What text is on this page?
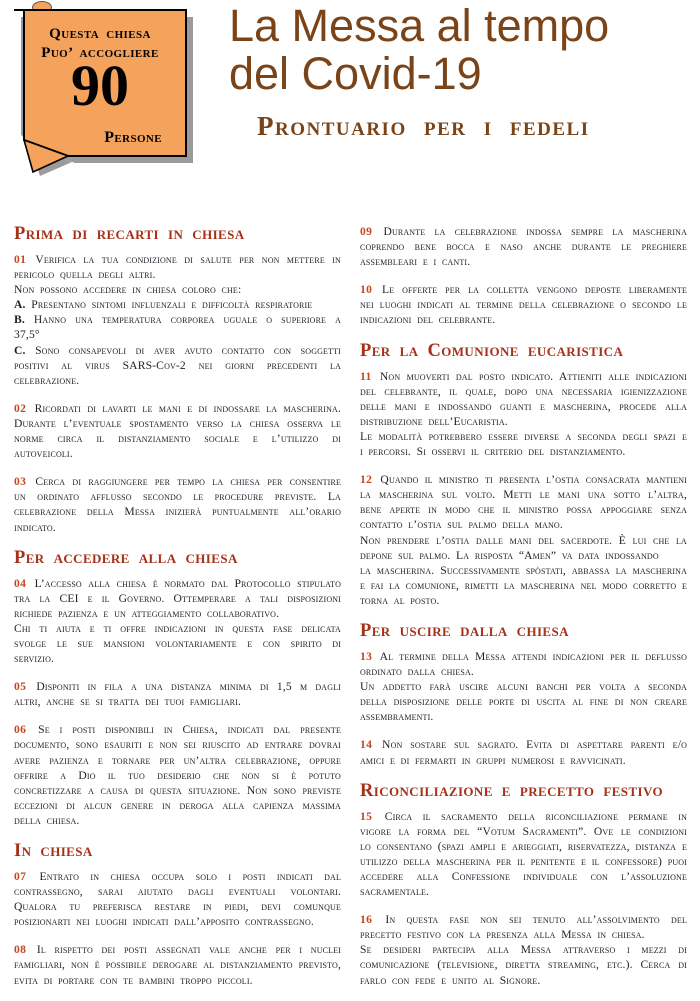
Questa chiesa
Puo’ accogliere
90
Persone
La Messa al tempo
del Covid-19
Prontuario per i fedeli
Prima di recarti in chiesa
01 Verifica la tua condizione di salute per non mettere in pericolo quella degli altri.
Non possono accedere in chiesa coloro che:
A. Presentano sintomi influenzali e difficoltà respiratorie
B. Hanno una temperatura corporea uguale o superiore a 37,5°
C. Sono consapevoli di aver avuto contatto con soggetti positivi al virus SARS-Cov-2 nei giorni precedenti la celebrazione.
02 Ricordati di lavarti le mani e di indossare la mascherina. Durante l’eventuale spostamento verso la chiesa osserva le norme circa il distanziamento sociale e l’utilizzo di autoveicoli.
03 Cerca di raggiungere per tempo la chiesa per consentire un ordinato afflusso secondo le procedure previste. La celebrazione della Messa inizierà puntualmente all’orario indicato.
Per accedere alla chiesa
04 L’accesso alla chiesa è normato dal Protocollo stipulato tra la CEI e il Governo. Ottemperare a tali disposizioni richiede pazienza e un atteggiamento collaborativo.
Chi ti aiuta e ti offre indicazioni in questa fase delicata svolge le sue mansioni volontariamente e con spirito di servizio.
05 Disponiti in fila a una distanza minima di 1,5 m dagli altri, anche se si tratta dei tuoi famigliari.
06 Se i posti disponibili in Chiesa, indicati dal presente documento, sono esauriti e non sei riuscito ad entrare dovrai avere pazienza e tornare per un’altra celebrazione, oppure offrire a Dio il tuo desiderio che non si è potuto concretizzare a causa di questa situazione. Non sono previste eccezioni di alcun genere in deroga alla capienza massima della chiesa.
In chiesa
07 Entrato in chiesa occupa solo i posti indicati dal contrassegno, sarai aiutato dagli eventuali volontari. Qualora tu preferisca restare in piedi, devi comunque posizionarti nei luoghi indicati dall’apposito contrassegno.
08 Il rispetto dei posti assegnati vale anche per i nuclei famigliari, non è possibile derogare al distanziamento previsto, evita di portare con te bambini troppo piccoli.
09 Durante la celebrazione indossa sempre la mascherina coprendo bene bocca e naso anche durante le preghiere assembleari e i canti.
10 Le offerte per la colletta vengono deposte liberamente nei luoghi indicati al termine della celebrazione o secondo le indicazioni del celebrante.
Per la Comunione eucaristica
11 Non muoverti dal posto indicato. Attieniti alle indicazioni del celebrante, il quale, dopo una necessaria igienizzazione delle mani e indossando guanti e mascherina, procede alla distribuzione dell’Eucaristia.
Le modalità potrebbero essere diverse a seconda degli spazi e i percorsi. Si osservi il criterio del distanziamento.
12 Quando il ministro ti presenta l’ostia consacrata mantieni la mascherina sul volto. Metti le mani una sotto l’altra, bene aperte in modo che il ministro possa appoggiare senza contatto l’ostia sul palmo della mano.
Non prendere l’ostia dalle mani del sacerdote. È lui che la depone sul palmo. La risposta “Amen” va data indossando
la mascherina. Successivamente spòstati, abbassa la mascherina e fai la comunione, rimetti la mascherina nel modo corretto e torna al posto.
Per uscire dalla chiesa
13 Al termine della Messa attendi indicazioni per il deflusso ordinato dalla chiesa.
Un addetto farà uscire alcuni banchi per volta a seconda della disposizione delle porte di uscita al fine di non creare assembramenti.
14 Non sostare sul sagrato. Evita di aspettare parenti e/o amici e di fermarti in gruppi numerosi e ravvicinati.
Riconciliazione e precetto festivo
15 Circa il sacramento della riconciliazione permane in vigore la forma del “Votum Sacramenti”. Ove le condizioni lo consentano (spazi ampli e arieggiati, riservatezza, distanza e utilizzo della mascherina per il penitente e il confessore) puoi accedere alla Confessione individuale con l’assoluzione sacramentale.
16 In questa fase non sei tenuto all’assolvimento del precetto festivo con la presenza alla Messa in chiesa.
Se desideri partecipa alla Messa attraverso i mezzi di comunicazione (televisione, diretta streaming, etc.). Cerca di farlo con fede e unito al Signore.
